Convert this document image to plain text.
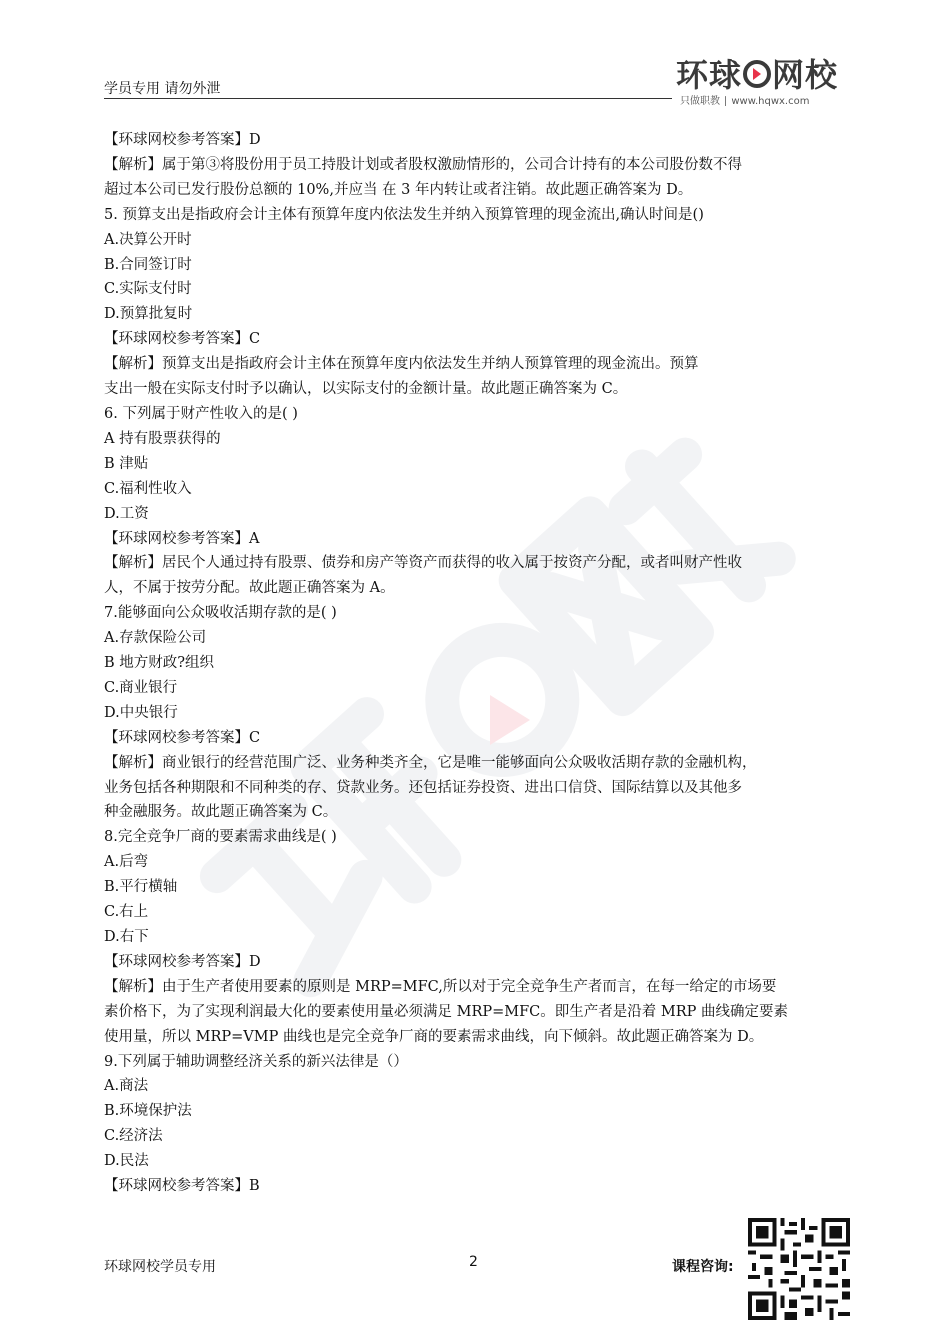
学员专用 请勿外泄	环球 网校
只做职教 ∣ www.hqwx.com
【环球网校参考答案】D
【解析】属于第③将股份用于员工持股计划或者股权激励情形的，公司合计持有的本公司股份数不得
超过本公司已发行股份总额的 10%,并应当 在 3 年内转让或者注销。故此题正确答案为 D。
5. 预算支出是指政府会计主体有预算年度内依法发生并纳入预算管理的现金流出,确认时间是()
A.决算公开时
B.合同签订时
C.实际支付时
D.预算批复时
【环球网校参考答案】C
【解析】预算支出是指政府会计主体在预算年度内依法发生并纳人预算管理的现金流出。预算
支出一般在实际支付时予以确认，以实际支付的金额计量。故此题正确答案为 C。
6. 下列属于财产性收入的是( )
A 持有股票获得的
B 津贴
C.福利性收入
D.工资
【环球网校参考答案】A
【解析】居民个人通过持有股票、债券和房产等资产而获得的收入属于按资产分配，或者叫财产性收
人，不属于按劳分配。故此题正确答案为 A。
7.能够面向公众吸收活期存款的是( )
A.存款保险公司
B 地方财政?组织
C.商业银行
D.中央银行
【环球网校参考答案】C
【解析】商业银行的经营范围广泛、业务种类齐全，它是唯一能够面向公众吸收活期存款的金融机构，
业务包括各种期限和不同种类的存、贷款业务。还包括证券投资、进出口信贷、国际结算以及其他多
种金融服务。故此题正确答案为 C。
8.完全竞争厂商的要素需求曲线是( )
A.后弯
B.平行横轴
C.右上
D.右下
【环球网校参考答案】D
【解析】由于生产者使用要素的原则是 MRP=MFC,所以对于完全竞争生产者而言，在每一给定的市场要
素价格下，为了实现利润最大化的要素使用量必须满足 MRP=MFC。即生产者是沿着 MRP 曲线确定要素
使用量，所以 MRP=VMP 曲线也是完全竞争厂商的要素需求曲线，向下倾斜。故此题正确答案为 D。
9.下列属于辅助调整经济关系的新兴法律是（）
A.商法
B.环境保护法
C.经济法
D.民法
【环球网校参考答案】B
环球网校学员专用	2	课程咨询:
